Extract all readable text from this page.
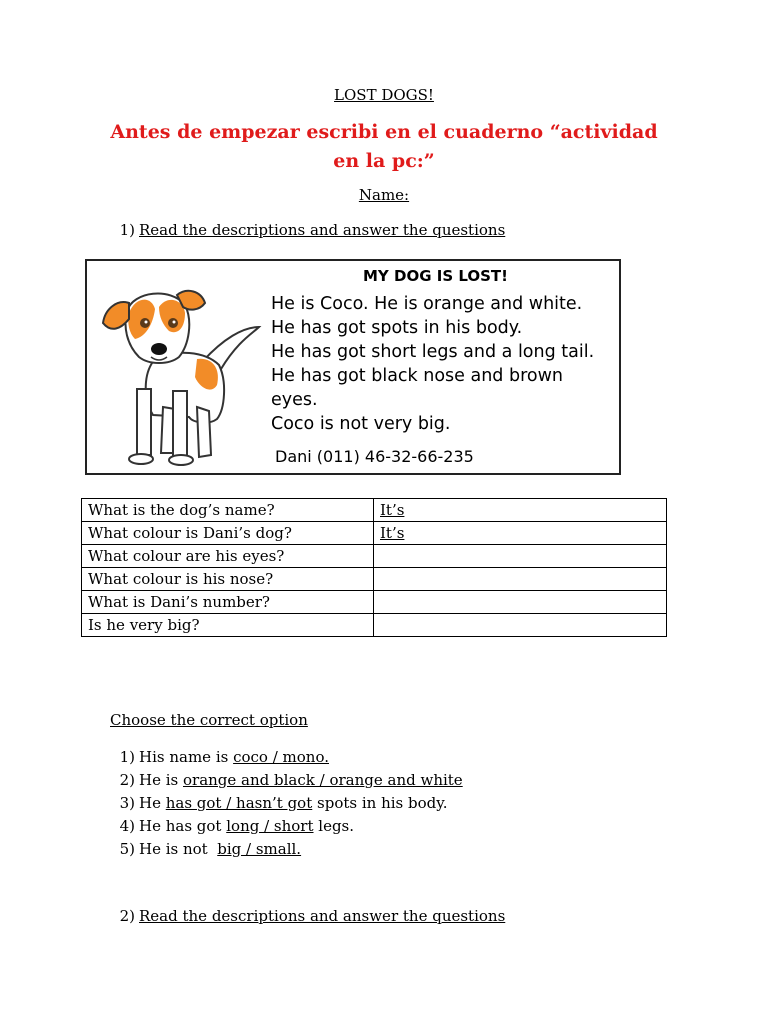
LOST DOGS!
Antes de empezar escribi en el cuaderno “actividad en la pc:”
Name:
1) Read the descriptions and answer the questions
MY DOG IS LOST!
He is Coco. He is orange and white.
He has got spots in his body.
He has got short legs and a long tail.
He has got black nose and brown
eyes.
Coco is not very big.
Dani (011) 46-32-66-235
What is the dog’s name?	It’s
What colour is Dani’s dog?	It’s
What colour are his eyes?	
What colour is his nose?	
What is Dani’s number?	
Is he very big?	
Choose the correct option
1) His name is coco / mono.
2) He is orange and black / orange and white
3) He has got / hasn’t got spots in his body.
4) He has got long / short legs.
5) He is not  big / small.
2) Read the descriptions and answer the questions
